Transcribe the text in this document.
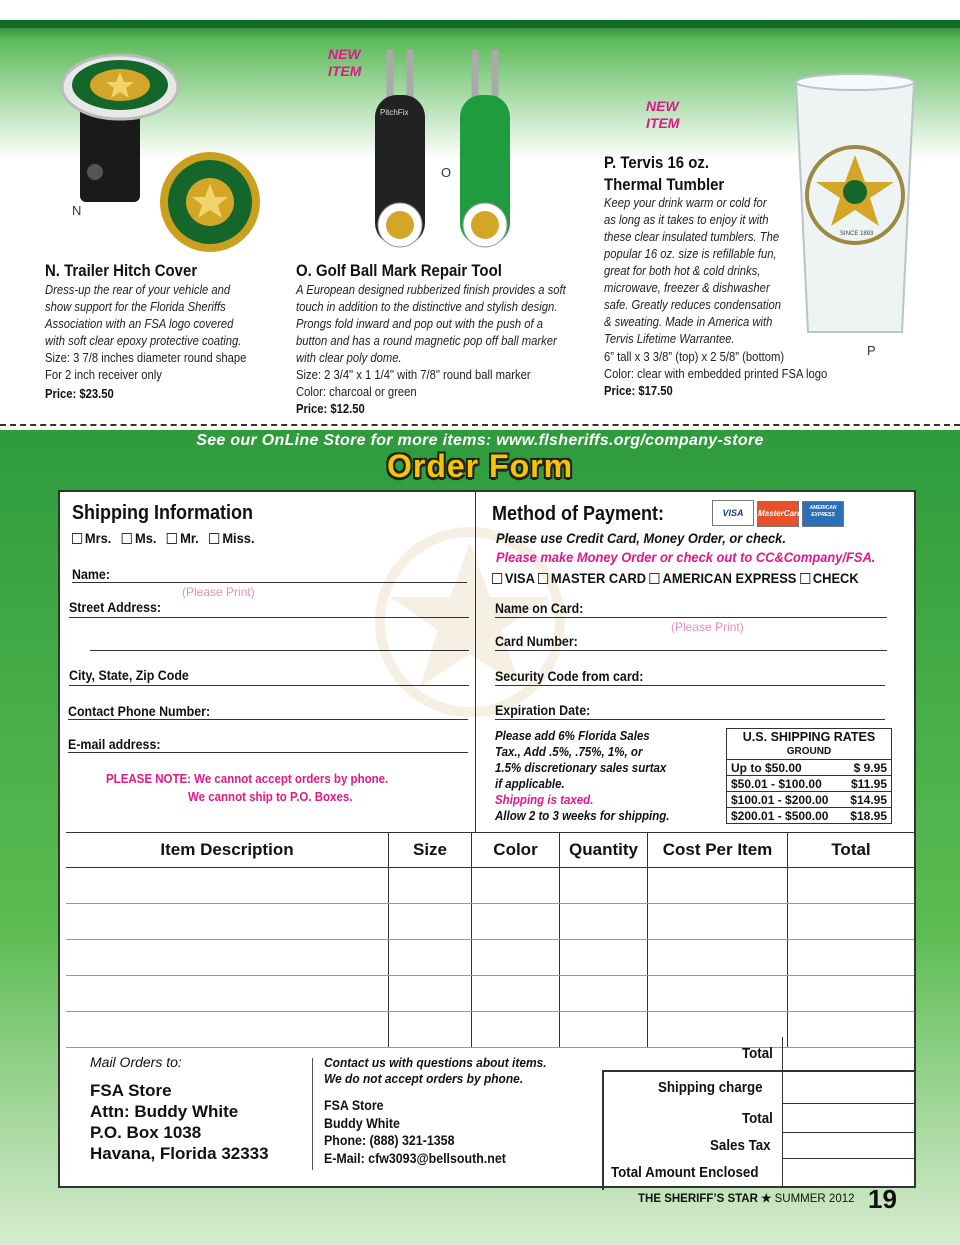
N
N. Trailer Hitch Cover
Dress-up the rear of your vehicle and
show support for the Florida Sheriffs
Association with an FSA logo covered
with soft clear epoxy protective coating.
Size: 3 7/8 inches diameter round shape
For 2 inch receiver only
Price: $23.50
NEW
ITEM
PitchFix
O
O. Golf Ball Mark Repair Tool
A European designed rubberized finish provides a soft
touch in addition to the distinctive and stylish design.
Prongs fold inward and pop out with the push of a
button and has a round magnetic pop off ball marker
with clear poly dome.
Size: 2 3/4" x 1 1/4" with 7/8" round ball marker
Color: charcoal or green
Price: $12.50
NEW
ITEM
SINCE 1893
P
P. Tervis 16 oz.
Thermal Tumbler
Keep your drink warm or cold for
as long as it takes to enjoy it with
these clear insulated tumblers. The
popular 16 oz. size is refillable fun,
great for both hot & cold drinks,
microwave, freezer & dishwasher
safe. Greatly reduces condensation
& sweating. Made in America with
Tervis Lifetime Warrantee.
6” tall x 3 3/8” (top) x 2 5/8” (bottom)
Color: clear with embedded printed FSA logo
Price: $17.50
See our OnLine Store for more items: www.flsheriffs.org/company-store
Order Form
Shipping Information
Mrs. Ms. Mr. Miss.
Name:
(Please Print)
Street Address:
City, State, Zip Code
Contact Phone Number:
E-mail address:
PLEASE NOTE: We cannot accept orders by phone.
We cannot ship to P.O. Boxes.
Method of Payment:	VISA MasterCardAMERICAN EXPRESS
Please use Credit Card, Money Order, or check.
Please make Money Order or check out to CC&Company/FSA.
VISA MASTER CARD AMERICAN EXPRESS CHECK
Name on Card:
(Please Print)
Card Number:
Security Code from card:
Expiration Date:
Please add 6% Florida Sales
Tax., Add .5%, .75%, 1%, or
1.5% discretionary sales surtax
if applicable.
Shipping is taxed.
Allow 2 to 3 weeks for shipping.
U.S. SHIPPING RATES	
GROUND	
Up to $50.00	$ 9.95
$50.01 - $100.00	$11.95
$100.01 - $200.00	$14.95
$200.01 - $500.00	$18.95
Item Description	Size	Color	Quantity	Cost Per Item	Total

Mail Orders to:
FSA Store
Attn: Buddy White
P.O. Box 1038
Havana, Florida 32333
Contact us with questions about items.
We do not accept orders by phone.
FSA Store
Buddy White
Phone: (888) 321-1358
E-Mail: cfw3093@bellsouth.net
Total
Shipping charge
Total
Sales Tax
Total Amount Enclosed
THE SHERIFF’S STAR ★ SUMMER 2012 19
